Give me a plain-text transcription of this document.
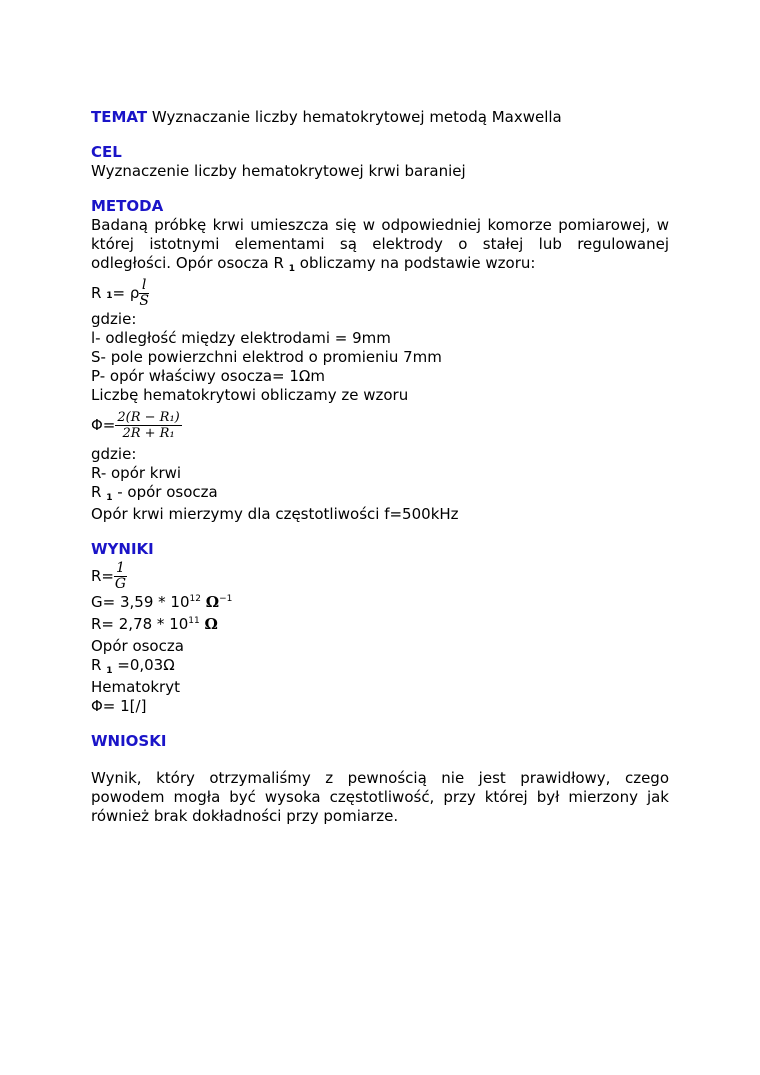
TEMAT Wyznaczanie liczby hematokrytowej metodą Maxwella
CEL
Wyznaczenie liczby hematokrytowej krwi baraniej
METODA
Badaną próbkę krwi umieszcza się w odpowiedniej komorze pomiarowej, w której istotnymi elementami są elektrody o stałej lub regulowanej odległości. Opór osocza R $_1$ obliczamy na podstawie wzoru:
R
1 = ρ $\frac{l}{S}$
gdzie:
l- odległość między elektrodami = 9mm
S- pole powierzchni elektrod o promieniu 7mm
P- opór właściwy osocza= 1Ωm
Liczbę hematokrytowi obliczamy ze wzoru
$\Phi= \frac{\text{2(R − R₁)}}{\text{2R + R₁}}$
gdzie:
R- opór krwi
R $_1$ - opór osocza
Opór krwi mierzymy dla częstotliwości f=500kHz
WYNIKI
$R= \frac{1}{G}$
$G= 3,59 * 10^{12}$ $\Omega^{-1}$
$R= 2,78 * 10^{11}$ Ω
Opór osocza
R $_1$ =0,03Ω
Hematokryt
Φ= 1[/]
WNIOSKI
Wynik, który otrzymaliśmy z pewnością nie jest prawidłowy, czego powodem mogła być wysoka częstotliwość, przy której był mierzony jak również brak dokładności przy pomiarze.
